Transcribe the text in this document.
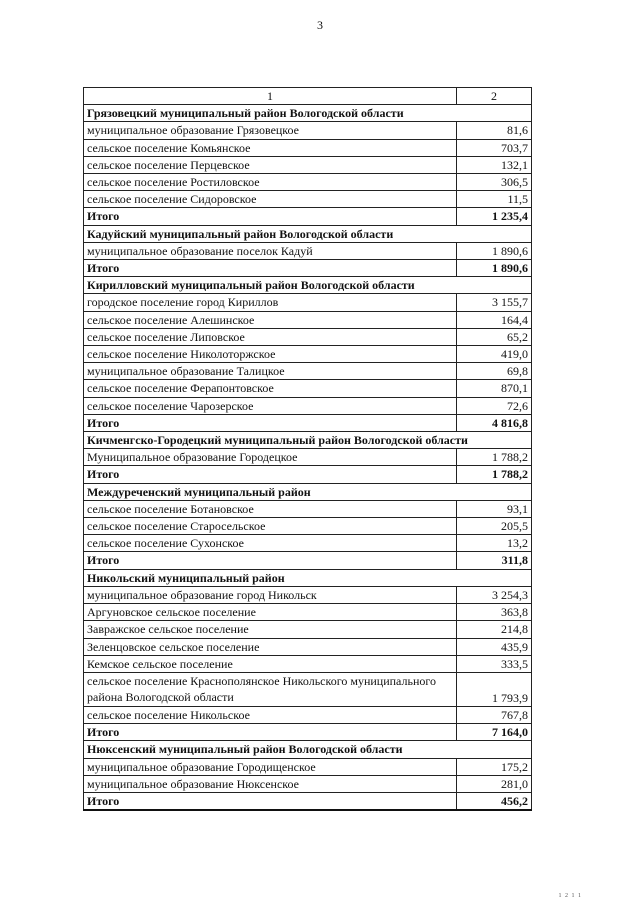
3
1	2
Грязовецкий муниципальный район Вологодской области	
муниципальное образование Грязовецкое	81,6
сельское поселение Комьянское	703,7
сельское поселение Перцевское	132,1
сельское поселение Ростиловское	306,5
сельское поселение Сидоровское	11,5
Итого	1 235,4
Кадуйский муниципальный район Вологодской области	
муниципальное образование поселок Кадуй	1 890,6
Итого	1 890,6
Кирилловский муниципальный район Вологодской области	
городское поселение город Кириллов	3 155,7
сельское поселение Алешинское	164,4
сельское поселение Липовское	65,2
сельское поселение Николоторжское	419,0
муниципальное образование Талицкое	69,8
сельское поселение Ферапонтовское	870,1
сельское поселение Чарозерское	72,6
Итого	4 816,8
Кичменгско-Городецкий муниципальный район Вологодской области	
Муниципальное образование Городецкое	1 788,2
Итого	1 788,2
Междуреченский муниципальный район	
сельское поселение Ботановское	93,1
сельское поселение Старосельское	205,5
сельское поселение Сухонское	13,2
Итого	311,8
Никольский муниципальный район	
муниципальное образование город Никольск	3 254,3
Аргуновское сельское поселение	363,8
Завражское сельское поселение	214,8
Зеленцовское сельское поселение	435,9
Кемское сельское поселение	333,5
сельское поселение Краснополянское Никольского муниципального района Вологодской области	1 793,9
сельское поселение Никольское	767,8
Итого	7 164,0
Нюксенский муниципальный район Вологодской области	
муниципальное образование Городищенское	175,2
муниципальное образование Нюксенское	281,0
Итого	456,2
1 2 1 1
